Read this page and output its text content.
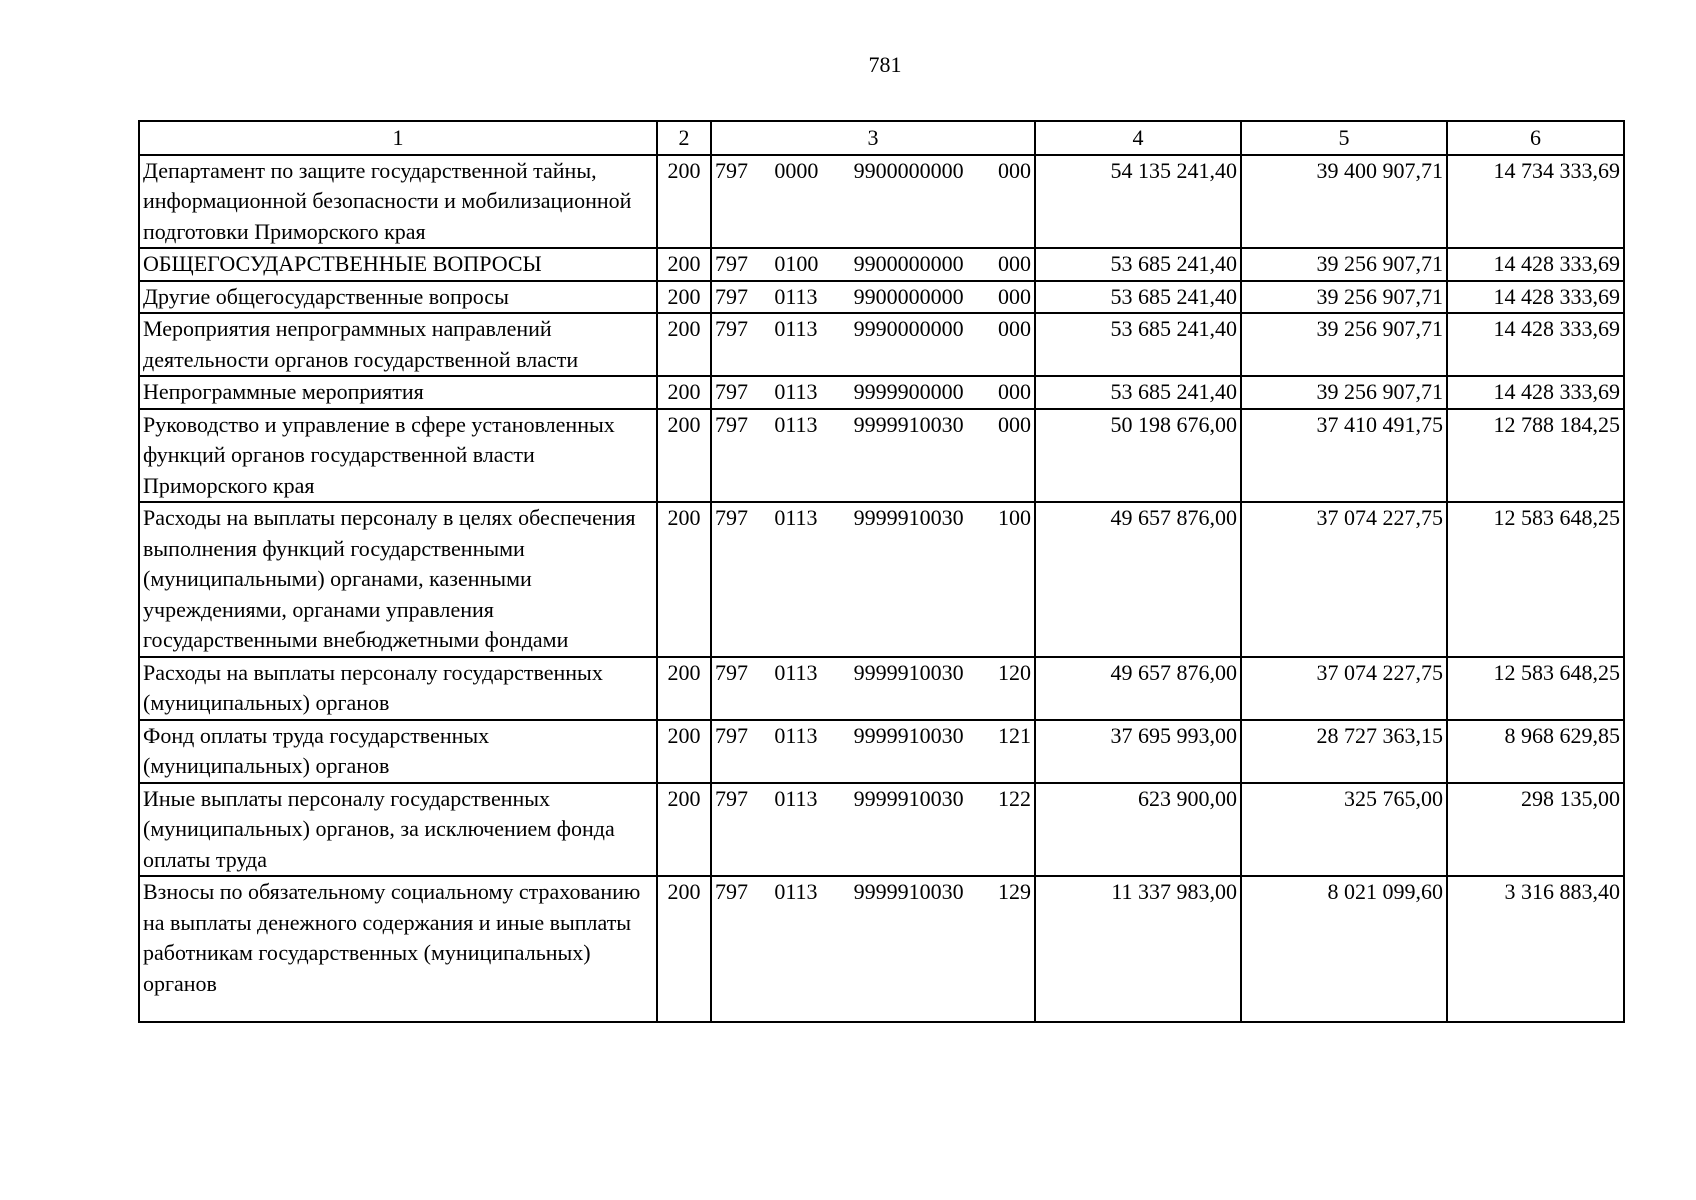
781
1	2	3	4	5	6
Департамент по защите государственной тайны, информационной безопасности и мобилизационной подготовки Приморского края	200	797 0000 9900000000 000	54 135 241,40	39 400 907,71	14 734 333,69
ОБЩЕГОСУДАРСТВЕННЫЕ ВОПРОСЫ	200	797 0100 9900000000 000	53 685 241,40	39 256 907,71	14 428 333,69
Другие общегосударственные вопросы	200	797 0113 9900000000 000	53 685 241,40	39 256 907,71	14 428 333,69
Мероприятия непрограммных направлений деятельности органов государственной власти	200	797 0113 9990000000 000	53 685 241,40	39 256 907,71	14 428 333,69
Непрограммные мероприятия	200	797 0113 9999900000 000	53 685 241,40	39 256 907,71	14 428 333,69
Руководство и управление в сфере установленных функций органов государственной власти Приморского края	200	797 0113 9999910030 000	50 198 676,00	37 410 491,75	12 788 184,25
Расходы на выплаты персоналу в целях обеспечения выполнения функций государственными (муниципальными) органами, казенными учреждениями, органами управления государственными внебюджетными фондами	200	797 0113 9999910030 100	49 657 876,00	37 074 227,75	12 583 648,25
Расходы на выплаты персоналу государственных (муниципальных) органов	200	797 0113 9999910030 120	49 657 876,00	37 074 227,75	12 583 648,25
Фонд оплаты труда государственных (муниципальных) органов	200	797 0113 9999910030 121	37 695 993,00	28 727 363,15	8 968 629,85
Иные выплаты персоналу государственных (муниципальных) органов, за исключением фонда оплаты труда	200	797 0113 9999910030 122	623 900,00	325 765,00	298 135,00
Взносы по обязательному социальному страхованию на выплаты денежного содержания и иные выплаты работникам государственных (муниципальных) органов	200	797 0113 9999910030 129	11 337 983,00	8 021 099,60	3 316 883,40
